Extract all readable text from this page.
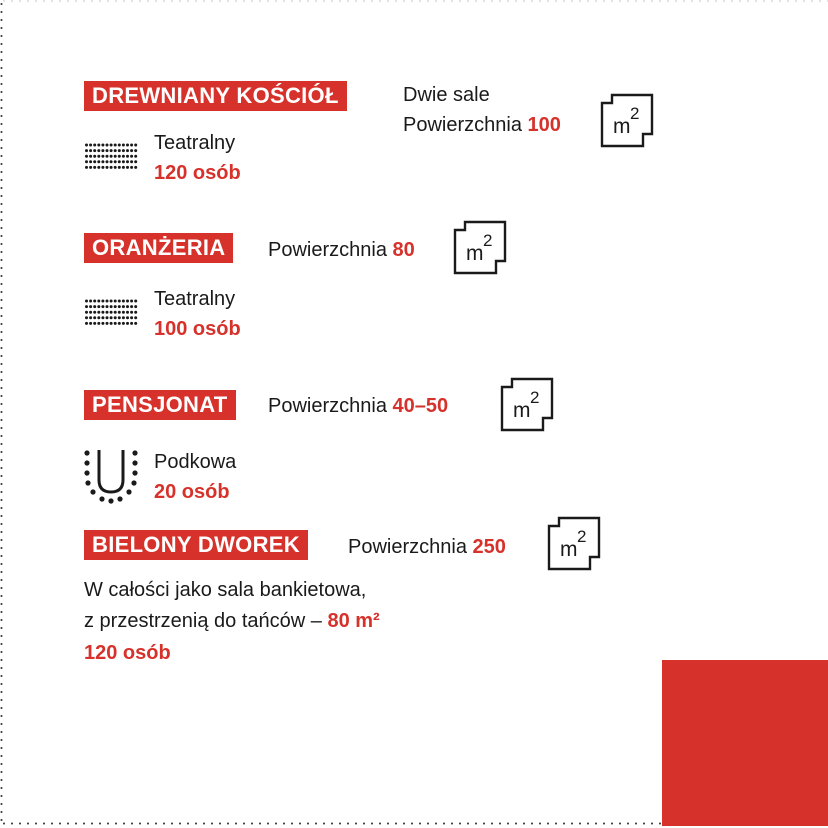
DREWNIANY KOŚCIÓŁ	Dwie sale
Powierzchnia 100 m
2
Teatralny
120 osób
ORANŻERIA	Powierzchnia 80 m
2
Teatralny
100 osób
PENSJONAT	Powierzchnia 40–50	m
2
Podkowa
20 osób
BIELONY DWOREK	Powierzchnia 250	m
2
W całości jako sala bankietowa,
z przestrzenią do tańców – 80 m²
120 osób
